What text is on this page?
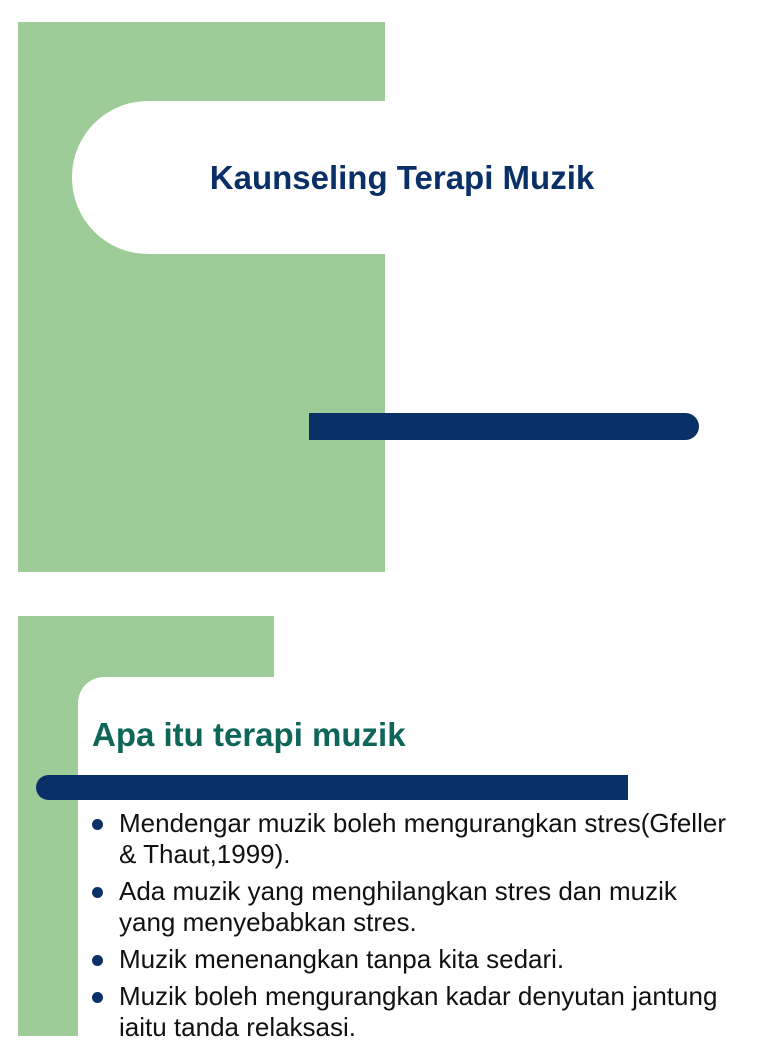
Kaunseling Terapi Muzik
Apa itu terapi muzik
Mendengar muzik boleh mengurangkan stres(Gfeller & Thaut,1999).
Ada muzik yang menghilangkan stres dan muzik yang menyebabkan stres.
Muzik menenangkan tanpa kita sedari.
Muzik boleh mengurangkan kadar denyutan jantung iaitu tanda relaksasi.
